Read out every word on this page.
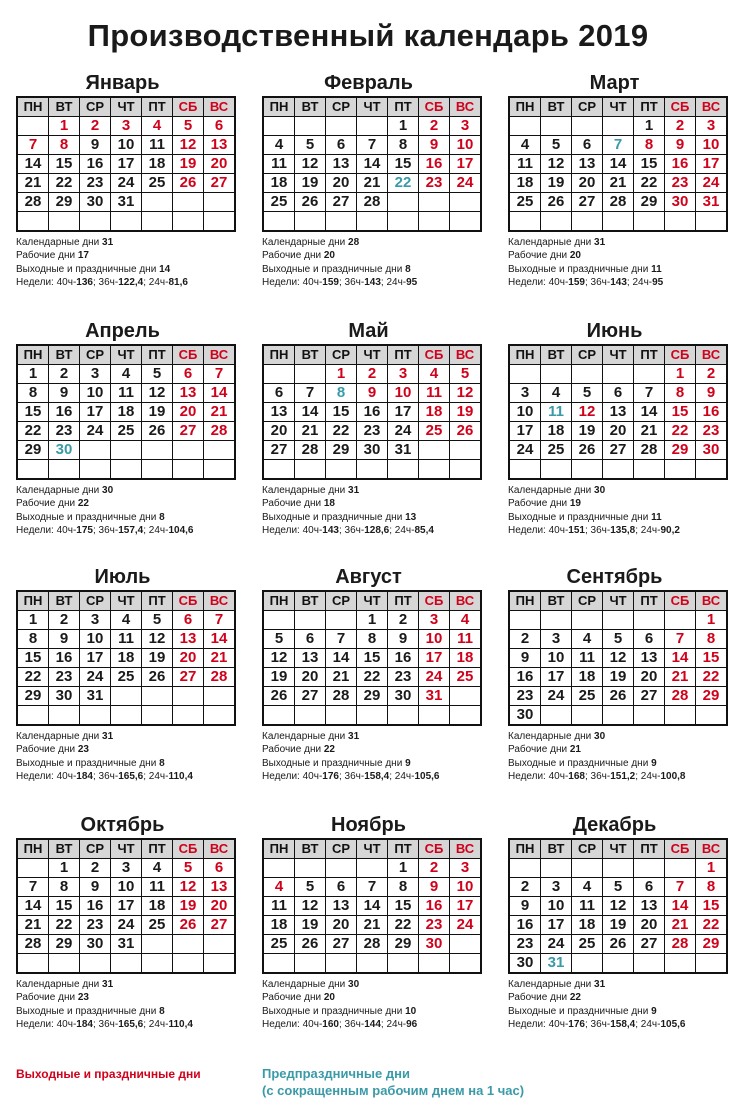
Производственный календарь 2019
Январь
ПН	ВТ	СР	ЧТ	ПТ	СБ	ВС
	1	2	3	4	5	6
7	8	9	10	11	12	13
14	15	16	17	18	19	20
21	22	23	24	25	26	27
28	29	30	31			

Календарные дни 31
Рабочие дни 17
Выходные и праздничные дни 14
Недели: 40ч-136; 36ч-122,4; 24ч-81,6
Февраль
ПН	ВТ	СР	ЧТ	ПТ	СБ	ВС
				1	2	3
4	5	6	7	8	9	10
11	12	13	14	15	16	17
18	19	20	21	22	23	24
25	26	27	28			

Календарные дни 28
Рабочие дни 20
Выходные и праздничные дни 8
Недели: 40ч-159; 36ч-143; 24ч-95
Март
ПН	ВТ	СР	ЧТ	ПТ	СБ	ВС
				1	2	3
4	5	6	7	8	9	10
11	12	13	14	15	16	17
18	19	20	21	22	23	24
25	26	27	28	29	30	31

Календарные дни 31
Рабочие дни 20
Выходные и праздничные дни 11
Недели: 40ч-159; 36ч-143; 24ч-95
Апрель
ПН	ВТ	СР	ЧТ	ПТ	СБ	ВС
1	2	3	4	5	6	7
8	9	10	11	12	13	14
15	16	17	18	19	20	21
22	23	24	25	26	27	28
29	30					

Календарные дни 30
Рабочие дни 22
Выходные и праздничные дни 8
Недели: 40ч-175; 36ч-157,4; 24ч-104,6
Май
ПН	ВТ	СР	ЧТ	ПТ	СБ	ВС
		1	2	3	4	5
6	7	8	9	10	11	12
13	14	15	16	17	18	19
20	21	22	23	24	25	26
27	28	29	30	31		

Календарные дни 31
Рабочие дни 18
Выходные и праздничные дни 13
Недели: 40ч-143; 36ч-128,6; 24ч-85,4
Июнь
ПН	ВТ	СР	ЧТ	ПТ	СБ	ВС
					1	2
3	4	5	6	7	8	9
10	11	12	13	14	15	16
17	18	19	20	21	22	23
24	25	26	27	28	29	30

Календарные дни 30
Рабочие дни 19
Выходные и праздничные дни 11
Недели: 40ч-151; 36ч-135,8; 24ч-90,2
Июль
ПН	ВТ	СР	ЧТ	ПТ	СБ	ВС
1	2	3	4	5	6	7
8	9	10	11	12	13	14
15	16	17	18	19	20	21
22	23	24	25	26	27	28
29	30	31				

Календарные дни 31
Рабочие дни 23
Выходные и праздничные дни 8
Недели: 40ч-184; 36ч-165,6; 24ч-110,4
Август
ПН	ВТ	СР	ЧТ	ПТ	СБ	ВС
			1	2	3	4
5	6	7	8	9	10	11
12	13	14	15	16	17	18
19	20	21	22	23	24	25
26	27	28	29	30	31	

Календарные дни 31
Рабочие дни 22
Выходные и праздничные дни 9
Недели: 40ч-176; 36ч-158,4; 24ч-105,6
Сентябрь
ПН	ВТ	СР	ЧТ	ПТ	СБ	ВС
						1
2	3	4	5	6	7	8
9	10	11	12	13	14	15
16	17	18	19	20	21	22
23	24	25	26	27	28	29
30						
Календарные дни 30
Рабочие дни 21
Выходные и праздничные дни 9
Недели: 40ч-168; 36ч-151,2; 24ч-100,8
Октябрь
ПН	ВТ	СР	ЧТ	ПТ	СБ	ВС
	1	2	3	4	5	6
7	8	9	10	11	12	13
14	15	16	17	18	19	20
21	22	23	24	25	26	27
28	29	30	31			

Календарные дни 31
Рабочие дни 23
Выходные и праздничные дни 8
Недели: 40ч-184; 36ч-165,6; 24ч-110,4
Ноябрь
ПН	ВТ	СР	ЧТ	ПТ	СБ	ВС
				1	2	3
4	5	6	7	8	9	10
11	12	13	14	15	16	17
18	19	20	21	22	23	24
25	26	27	28	29	30	

Календарные дни 30
Рабочие дни 20
Выходные и праздничные дни 10
Недели: 40ч-160; 36ч-144; 24ч-96
Декабрь
ПН	ВТ	СР	ЧТ	ПТ	СБ	ВС
						1
2	3	4	5	6	7	8
9	10	11	12	13	14	15
16	17	18	19	20	21	22
23	24	25	26	27	28	29
30	31					
Календарные дни 31
Рабочие дни 22
Выходные и праздничные дни 9
Недели: 40ч-176; 36ч-158,4; 24ч-105,6
Выходные и праздничные дни	Предпраздничные дни
(с сокращенным рабочим днем на 1 час)
